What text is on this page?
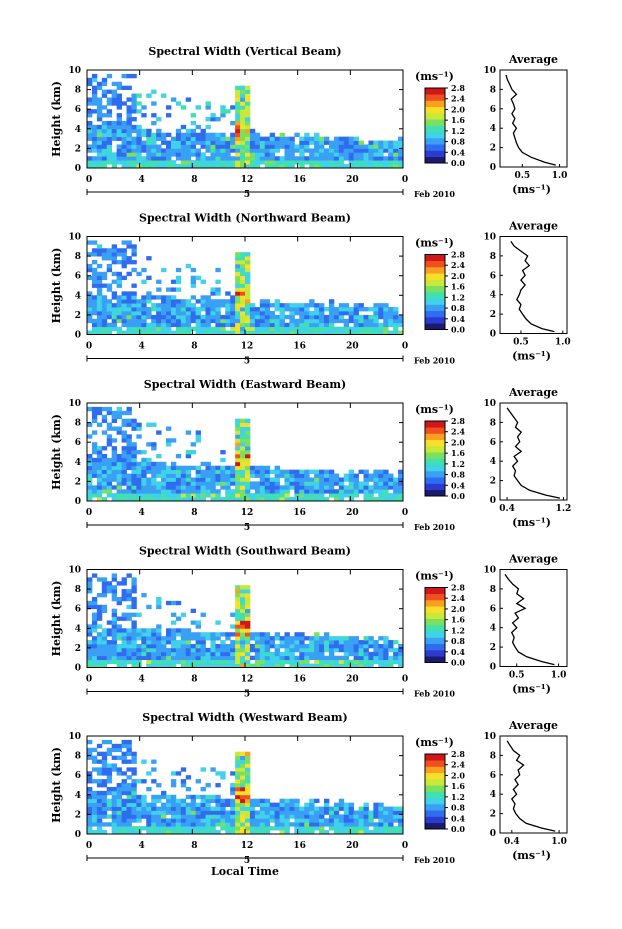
Spectral Width (Vertical Beam)
0
2
4
6
8
10
0	4	8	12	16	20	0
Height (km)
5	Feb 2010
(ms⁻¹)
0.0
0.4
0.8
1.2
1.6
2.0
2.4
2.8
Average
0
2
4
6
8
10
0.5 1.0
(ms⁻¹)
Spectral Width (Northward Beam)
0
2
4
6
8
10
0	4	8	12	16	20	0
Height (km)
5	Feb 2010
(ms⁻¹)
0.0
0.4
0.8
1.2
1.6
2.0
2.4
2.8
Average
0
2
4
6
8
10
0.5	1.0
(ms⁻¹)
Spectral Width (Eastward Beam)
0
2
4
6
8
10
0	4	8	12	16	20	0
Height (km)
5	Feb 2010
(ms⁻¹)
0.0
0.4
0.8
1.2
1.6
2.0
2.4
2.8
Average
0
2
4
6
8
10
0.4	1.2
(ms⁻¹)
Spectral Width (Southward Beam)
0
2
4
6
8
10
0	4	8	12	16	20	0
Height (km)
5	Feb 2010
(ms⁻¹)
0.0
0.4
0.8
1.2
1.6
2.0
2.4
2.8
Average
0
2
4
6
8
10
0.5	1.0
(ms⁻¹)
Spectral Width (Westward Beam)
0
2
4
6
8
10
0	4	8	12	16	20	0
Height (km)
5	Feb 2010
Local Time
(ms⁻¹)
0.0
0.4
0.8
1.2
1.6
2.0
2.4
2.8
Average
0
2
4
6
8
10
0.4	1.0
(ms⁻¹)
